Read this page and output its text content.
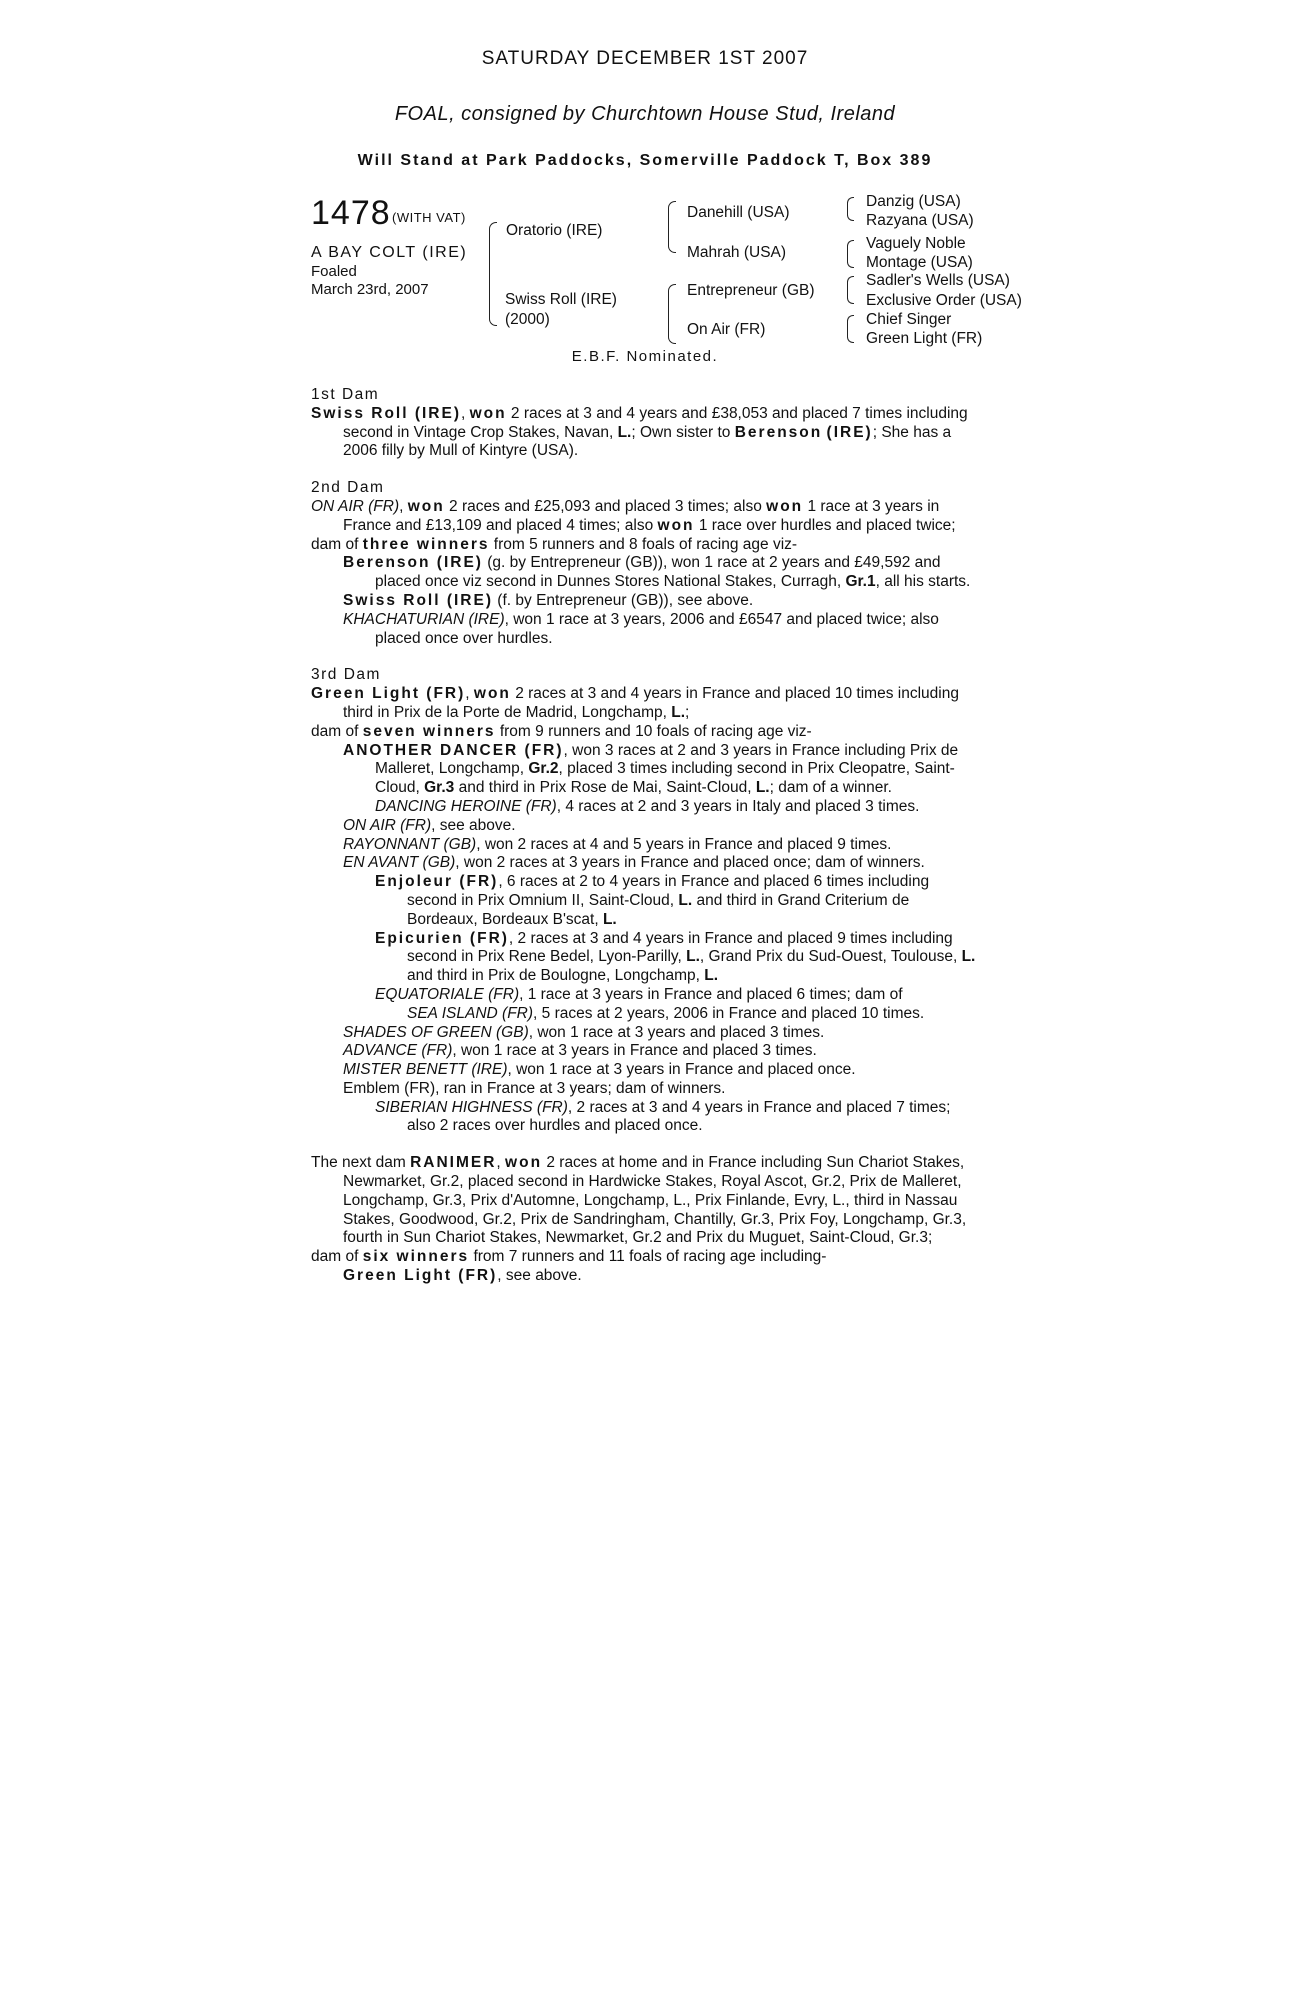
SATURDAY DECEMBER 1ST 2007
FOAL, consigned by Churchtown House Stud, Ireland
Will Stand at Park Paddocks, Somerville Paddock T, Box 389
1478 (WITH VAT)
A BAY COLT (IRE)
Foaled
March 23rd, 2007
Oratorio (IRE)
Swiss Roll (IRE)
(2000)
Danehill (USA)
Mahrah (USA)
Entrepreneur (GB)
On Air (FR)
Danzig (USA)
Razyana (USA)
Vaguely Noble
Montage (USA)
Sadler's Wells (USA)
Exclusive Order (USA)
Chief Singer
Green Light (FR)
E.B.F. Nominated.

1st Dam

Swiss Roll (IRE), won 2 races at 3 and 4 years and £38,053 and placed 7 times including second in Vintage Crop Stakes, Navan, L.; Own sister to Berenson (IRE); She has a 2006 filly by Mull of Kintyre (USA).

2nd Dam

ON AIR (FR), won 2 races and £25,093 and placed 3 times; also won 1 race at 3 years in France and £13,109 and placed 4 times; also won 1 race over hurdles and placed twice;

dam of three winners from 5 runners and 8 foals of racing age viz-

Berenson (IRE) (g. by Entrepreneur (GB)), won 1 race at 2 years and £49,592 and placed once viz second in Dunnes Stores National Stakes, Curragh, Gr.1, all his starts.

Swiss Roll (IRE) (f. by Entrepreneur (GB)), see above.

KHACHATURIAN (IRE), won 1 race at 3 years, 2006 and £6547 and placed twice; also placed once over hurdles.

3rd Dam

Green Light (FR), won 2 races at 3 and 4 years in France and placed 10 times including third in Prix de la Porte de Madrid, Longchamp, L.;

dam of seven winners from 9 runners and 10 foals of racing age viz-

ANOTHER DANCER (FR), won 3 races at 2 and 3 years in France including Prix de Malleret, Longchamp, Gr.2, placed 3 times including second in Prix Cleopatre, Saint-Cloud, Gr.3 and third in Prix Rose de Mai, Saint-Cloud, L.; dam of a winner.

DANCING HEROINE (FR), 4 races at 2 and 3 years in Italy and placed 3 times.

ON AIR (FR), see above.

RAYONNANT (GB), won 2 races at 4 and 5 years in France and placed 9 times.

EN AVANT (GB), won 2 races at 3 years in France and placed once; dam of winners.

Enjoleur (FR), 6 races at 2 to 4 years in France and placed 6 times including second in Prix Omnium II, Saint-Cloud, L. and third in Grand Criterium de Bordeaux, Bordeaux B'scat, L.

Epicurien (FR), 2 races at 3 and 4 years in France and placed 9 times including second in Prix Rene Bedel, Lyon-Parilly, L., Grand Prix du Sud-Ouest, Toulouse, L. and third in Prix de Boulogne, Longchamp, L.

EQUATORIALE (FR), 1 race at 3 years in France and placed 6 times; dam of

SEA ISLAND (FR), 5 races at 2 years, 2006 in France and placed 10 times.

SHADES OF GREEN (GB), won 1 race at 3 years and placed 3 times.

ADVANCE (FR), won 1 race at 3 years in France and placed 3 times.

MISTER BENETT (IRE), won 1 race at 3 years in France and placed once.

Emblem (FR), ran in France at 3 years; dam of winners.

SIBERIAN HIGHNESS (FR), 2 races at 3 and 4 years in France and placed 7 times; also 2 races over hurdles and placed once.

The next dam RANIMER, won 2 races at home and in France including Sun Chariot Stakes, Newmarket, Gr.2, placed second in Hardwicke Stakes, Royal Ascot, Gr.2, Prix de Malleret, Longchamp, Gr.3, Prix d'Automne, Longchamp, L., Prix Finlande, Evry, L., third in Nassau Stakes, Goodwood, Gr.2, Prix de Sandringham, Chantilly, Gr.3, Prix Foy, Longchamp, Gr.3, fourth in Sun Chariot Stakes, Newmarket, Gr.2 and Prix du Muguet, Saint-Cloud, Gr.3;

dam of six winners from 7 runners and 11 foals of racing age including-

Green Light (FR), see above.
